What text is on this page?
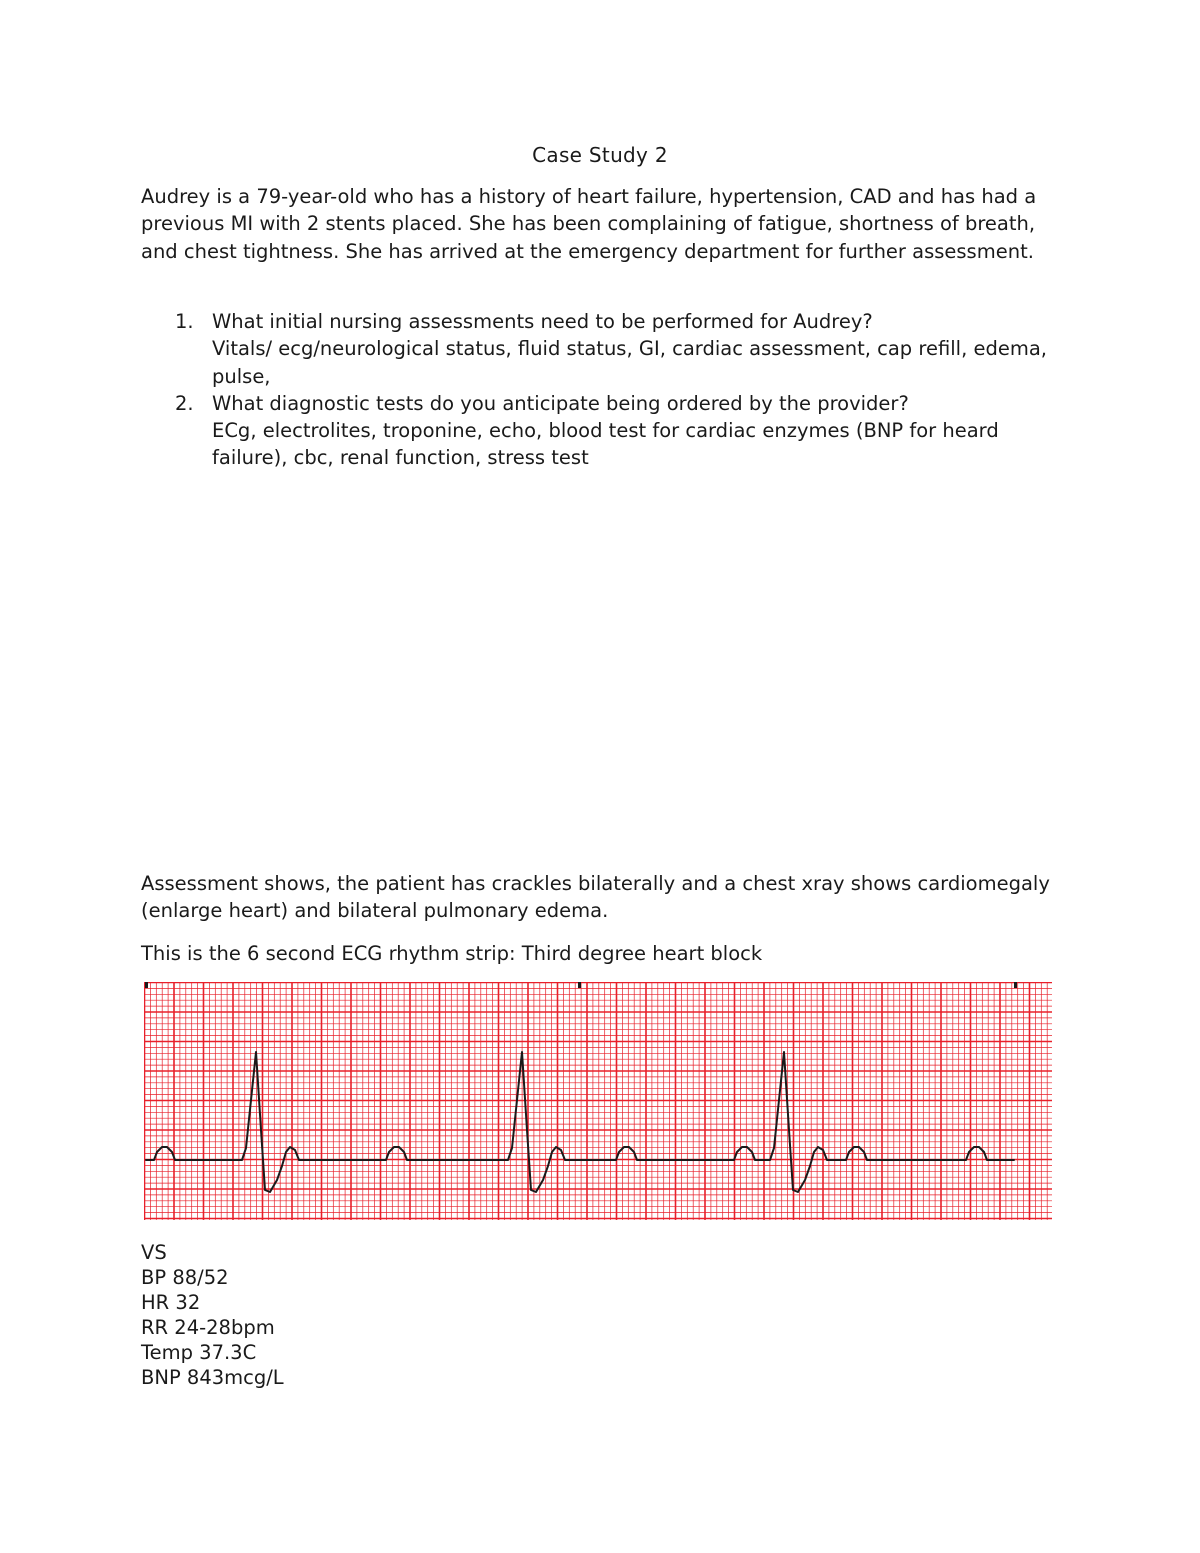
Case Study 2

Audrey is a 79-year-old who has a history of heart failure, hypertension, CAD and has had a previous MI with 2 stents placed. She has been complaining of fatigue, shortness of breath, and chest tightness. She has arrived at the emergency department for further assessment.

1. What initial nursing assessments need to be performed for Audrey?
Vitals/ ecg/neurological status, fluid status, GI, cardiac assessment, cap refill, edema, pulse,
2. What diagnostic tests do you anticipate being ordered by the provider?
ECg, electrolites, troponine, echo, blood test for cardiac enzymes (BNP for heard failure), cbc, renal function, stress test

Assessment shows, the patient has crackles bilaterally and a chest xray shows cardiomegaly (enlarge heart) and bilateral pulmonary edema.

This is the 6 second ECG rhythm strip: Third degree heart block

VS
BP 88/52
HR 32
RR 24-28bpm
Temp 37.3C
BNP 843mcg/L
